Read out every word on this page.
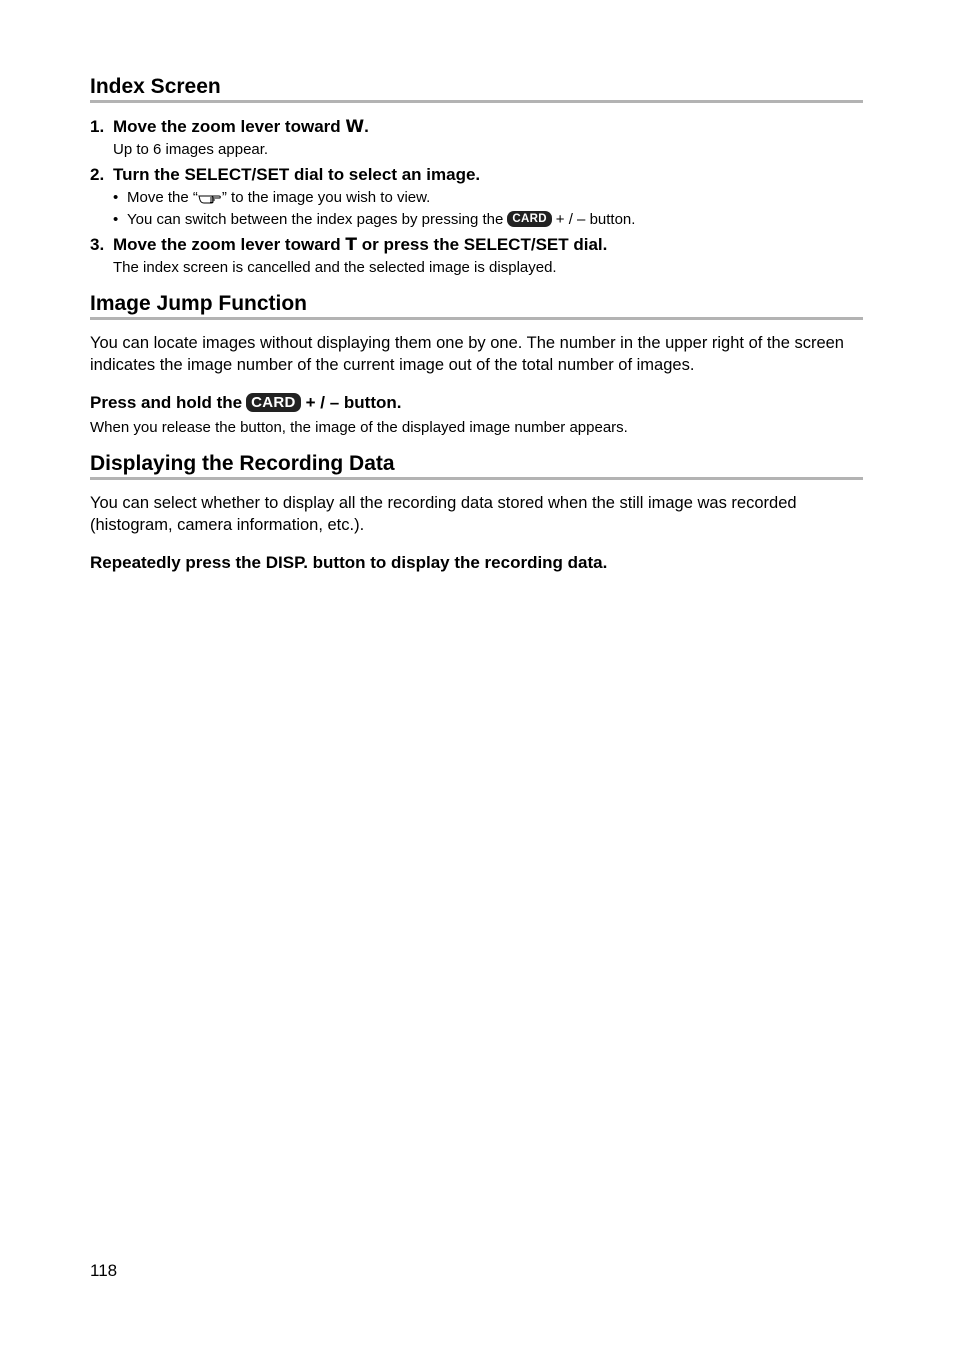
Index Screen
1. Move the zoom lever toward W.
Up to 6 images appear.
2. Turn the SELECT/SET dial to select an image.
• Move the “ ” to the image you wish to view.
• You can switch between the index pages by pressing the CARD + / – button.
3. Move the zoom lever toward T or press the SELECT/SET dial.
The index screen is cancelled and the selected image is displayed.
Image Jump Function
You can locate images without displaying them one by one. The number in the upper right of the screen indicates the image number of the current image out of the total number of images.
Press and hold the CARD + / – button.
When you release the button, the image of the displayed image number appears.
Displaying the Recording Data
You can select whether to display all the recording data stored when the still image was recorded (histogram, camera information, etc.).
Repeatedly press the DISP. button to display the recording data.
118
